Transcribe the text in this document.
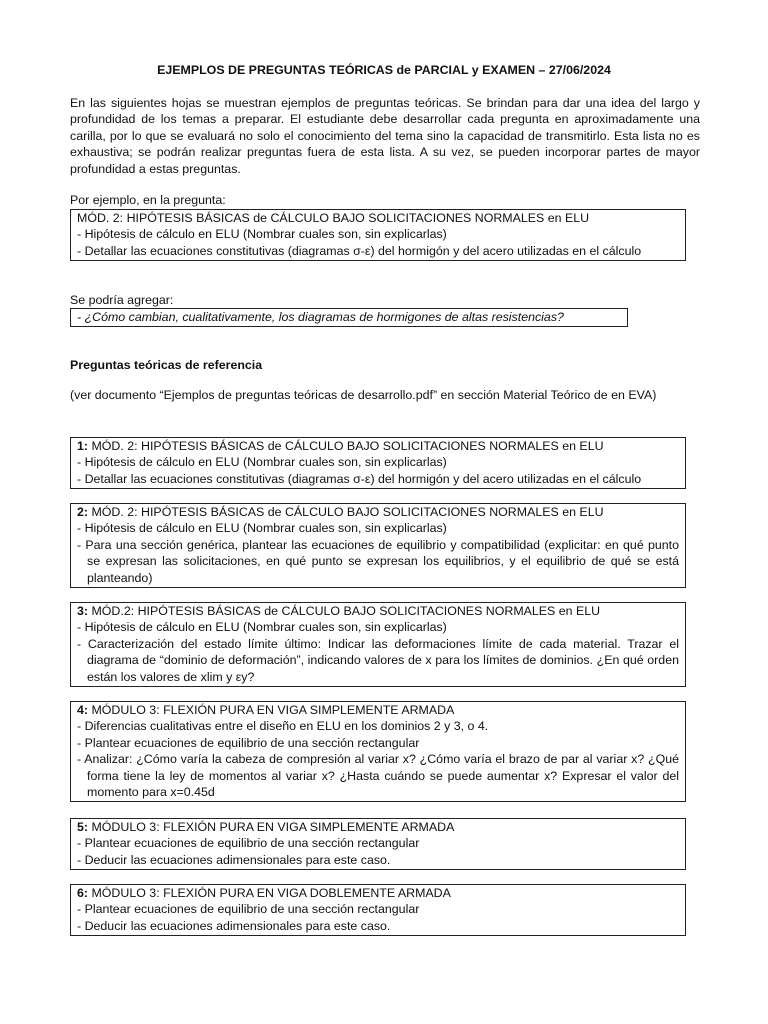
EJEMPLOS DE PREGUNTAS TEÓRICAS de PARCIAL y EXAMEN – 27/06/2024
En las siguientes hojas se muestran ejemplos de preguntas teóricas. Se brindan para dar una idea del largo y profundidad de los temas a preparar. El estudiante debe desarrollar cada pregunta en aproximadamente una carilla, por lo que se evaluará no solo el conocimiento del tema sino la capacidad de transmitirlo. Esta lista no es exhaustiva; se podrán realizar preguntas fuera de esta lista. A su vez, se pueden incorporar partes de mayor profundidad a estas preguntas.
Por ejemplo, en la pregunta:
MÓD. 2: HIPÓTESIS BÁSICAS de CÁLCULO BAJO SOLICITACIONES NORMALES en ELU
- Hipótesis de cálculo en ELU (Nombrar cuales son, sin explicarlas)
- Detallar las ecuaciones constitutivas (diagramas σ-ε) del hormigón y del acero utilizadas en el cálculo
Se podría agregar:
- ¿Cómo cambian, cualitativamente, los diagramas de hormigones de altas resistencias?
Preguntas teóricas de referencia
(ver documento “Ejemplos de preguntas teóricas de desarrollo.pdf” en sección Material Teórico de en EVA)
1: MÓD. 2: HIPÓTESIS BÁSICAS de CÁLCULO BAJO SOLICITACIONES NORMALES en ELU
- Hipótesis de cálculo en ELU (Nombrar cuales son, sin explicarlas)
- Detallar las ecuaciones constitutivas (diagramas σ-ε) del hormigón y del acero utilizadas en el cálculo
2: MÓD. 2: HIPÓTESIS BÁSICAS de CÁLCULO BAJO SOLICITACIONES NORMALES en ELU
- Hipótesis de cálculo en ELU (Nombrar cuales son, sin explicarlas)
- Para una sección genérica, plantear las ecuaciones de equilibrio y compatibilidad (explicitar: en qué punto se expresan las solicitaciones, en qué punto se expresan los equilibrios, y el equilibrio de qué se está planteando)
3: MÓD.2: HIPÓTESIS BÁSICAS de CÁLCULO BAJO SOLICITACIONES NORMALES en ELU
- Hipótesis de cálculo en ELU (Nombrar cuales son, sin explicarlas)
- Caracterización del estado límite último: Indicar las deformaciones límite de cada material. Trazar el diagrama de “dominio de deformación”, indicando valores de x para los límites de dominios. ¿En qué orden están los valores de xlim y εy?
4: MÓDULO 3: FLEXIÓN PURA EN VIGA SIMPLEMENTE ARMADA
- Diferencias cualitativas entre el diseño en ELU en los dominios 2 y 3, o 4.
- Plantear ecuaciones de equilibrio de una sección rectangular
- Analizar: ¿Cómo varía la cabeza de compresión al variar x? ¿Cómo varía el brazo de par al variar x? ¿Qué forma tiene la ley de momentos al variar x? ¿Hasta cuándo se puede aumentar x? Expresar el valor del momento para x=0.45d
5: MÓDULO 3: FLEXIÓN PURA EN VIGA SIMPLEMENTE ARMADA
- Plantear ecuaciones de equilibrio de una sección rectangular
- Deducir las ecuaciones adimensionales para este caso.
6: MÓDULO 3: FLEXIÓN PURA EN VIGA DOBLEMENTE ARMADA
- Plantear ecuaciones de equilibrio de una sección rectangular
- Deducir las ecuaciones adimensionales para este caso.
